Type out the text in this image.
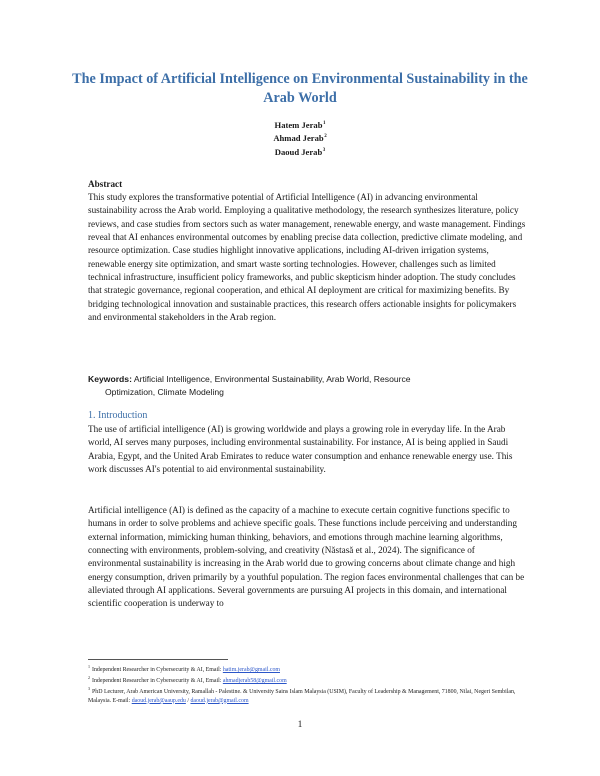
The Impact of Artificial Intelligence on Environmental Sustainability in the Arab World
Hatem Jerab$^1$
Ahmad Jerab$^2$
Daoud Jerab$^3$
Abstract
This study explores the transformative potential of Artificial Intelligence (AI) in advancing environmental sustainability across the Arab world. Employing a qualitative methodology, the research synthesizes literature, policy reviews, and case studies from sectors such as water management, renewable energy, and waste management. Findings reveal that AI enhances environmental outcomes by enabling precise data collection, predictive climate modeling, and resource optimization. Case studies highlight innovative applications, including AI-driven irrigation systems, renewable energy site optimization, and smart waste sorting technologies. However, challenges such as limited technical infrastructure, insufficient policy frameworks, and public skepticism hinder adoption. The study concludes that strategic governance, regional cooperation, and ethical AI deployment are critical for maximizing benefits. By bridging technological innovation and sustainable practices, this research offers actionable insights for policymakers and environmental stakeholders in the Arab region.
Keywords: Artificial Intelligence, Environmental Sustainability, Arab World, Resource
Optimization, Climate Modeling
1. Introduction
The use of artificial intelligence (AI) is growing worldwide and plays a growing role in everyday life. In the Arab world, AI serves many purposes, including environmental sustainability. For instance, AI is being applied in Saudi Arabia, Egypt, and the United Arab Emirates to reduce water consumption and enhance renewable energy use. This work discusses AI's potential to aid environmental sustainability.
Artificial intelligence (AI) is defined as the capacity of a machine to execute certain cognitive functions specific to humans in order to solve problems and achieve specific goals. These functions include perceiving and understanding external information, mimicking human thinking, behaviors, and emotions through machine learning algorithms, connecting with environments, problem-solving, and creativity (Năstasă et al., 2024). The significance of environmental sustainability is increasing in the Arab world due to growing concerns about climate change and high energy consumption, driven primarily by a youthful population. The region faces environmental challenges that can be alleviated through AI applications. Several governments are pursuing AI projects in this domain, and international scientific cooperation is underway to
$^1$Independent Researcher in Cybersecurity & AI, Email: hatim.jerab@gmail.com
$^2$Independent Researcher in Cybersecurity & AI, Email: ahmadjerab58@gmail.com
$^3$PhD Lecturer, Arab American University, Ramallah - Palestine. & University Sains Islam Malaysia (USIM), Faculty of Leadership & Management, 71800, Nilai, Negeri Sembilan, Malaysia. E-mail: daoud.jerab@aaup.edu / daoud.jerab@gmail.com
1
